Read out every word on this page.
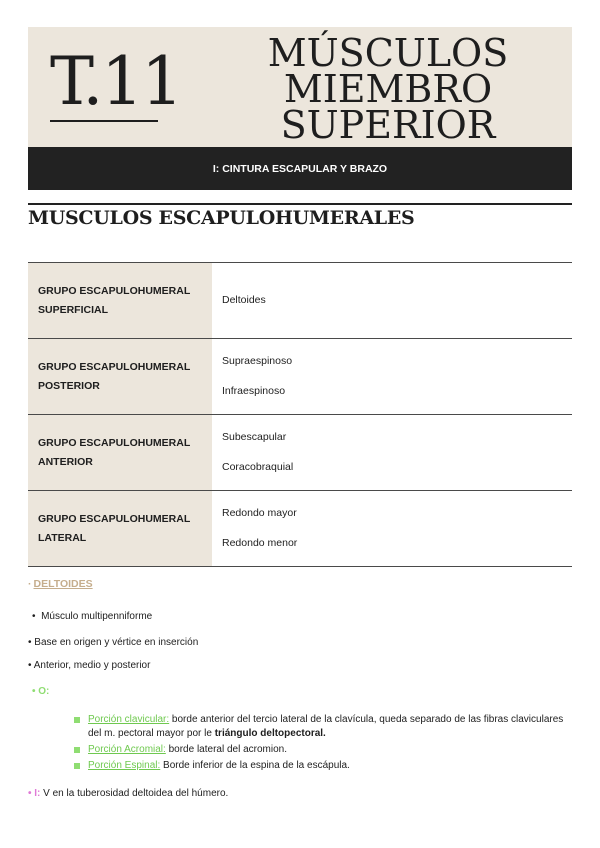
T.11	MÚSCULOS
MIEMBRO
SUPERIOR
I: CINTURA ESCAPULAR Y BRAZO
MUSCULOS ESCAPULOHUMERALES
GRUPO ESCAPULOHUMERAL SUPERFICIAL	Deltoides

GRUPO ESCAPULOHUMERAL POSTERIOR	Supraespinoso
Infraespinoso

GRUPO ESCAPULOHUMERAL ANTERIOR	Subescapular
Coracobraquial

GRUPO ESCAPULOHUMERAL LATERAL	Redondo mayor
Redondo menor
· DELTOIDES
•  Músculo multipenniforme
• Base en origen y vértice en inserción
• Anterior, medio y posterior
• O:
Porción clavicular: borde anterior del tercio lateral de la clavícula, queda separado de las fibras claviculares del m. pectoral mayor por le triángulo deltopectoral.
Porción Acromial: borde lateral del acromion.
Porción Espinal: Borde inferior de la espina de la escápula.
• I: V en la tuberosidad deltoidea del húmero.
